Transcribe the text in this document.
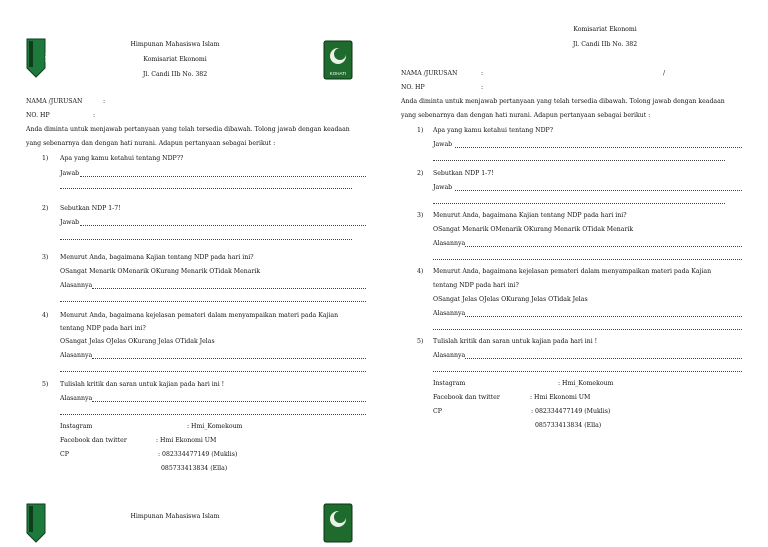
HMI
Himpunan Mahasiswa Islam
Komisariat Ekonomi
Jl. Candi IIb No. 382	KOHATI
NAMA /JURUSAN	:
NO. HP	:
Anda diminta untuk menjawab pertanyaan yang telah tersedia dibawah. Tolong jawab dengan keadaan
yang sebenarnya dan dengan hati nurani. Adapun pertanyaan sebagai berikut :
1) Apa yang kamu ketahui tentang NDP??
Jawab
2) Sebutkan NDP 1-7!
Jawab
3) Menurut Anda, bagaimana Kajian tentang NDP pada hari ini?
OSangat Menarik OMenarik OKurang Menarik OTidak Menarik
Alasannya
4) Menurut Anda, bagaimana kejelasan pemateri dalam menyampaikan materi pada Kajian
tentang NDP pada hari ini?
OSangat Jelas OJelas OKurang Jelas OTidak Jelas
Alasannya
5) Tulislah kritik dan saran untuk kajian pada hari ini !
Alasannya
Instagram	: Hmi_Komekoum
Facebook dan twitter	: Hmi Ekonomi UM
CP	: 082334477149 (Muklis)
085733413834 (Ella)
Himpunan Mahasiswa Islam
Komisariat Ekonomi
Jl. Candi IIb No. 382
NAMA /JURUSAN	:	/
NO. HP	:
Anda diminta untuk menjawab pertanyaan yang telah tersedia dibawah. Tolong jawab dengan keadaan
yang sebenarnya dan dengan hati nurani. Adapun pertanyaan sebagai berikut :
1) Apa yang kamu ketahui tentang NDP?
Jawab
2) Sebutkan NDP 1-7!
Jawab
3) Menurut Anda, bagaimana Kajian tentang NDP pada hari ini?
OSangat Menarik OMenarik OKurang Menarik OTidak Menarik
Alasannya
4) Menurut Anda, bagaimana kejelasan pemateri dalam menyampaikan materi pada Kajian
tentang NDP pada hari ini?
OSangat Jelas OJelas OKurang Jelas OTidak Jelas
Alasannya
5) Tulislah kritik dan saran untuk kajian pada hari ini !
Alasannya
Instagram	: Hmi_Komekoum
Facebook dan twitter	: Hmi Ekonomi UM
CP	: 082334477149 (Muklis)
085733413834 (Ella)
